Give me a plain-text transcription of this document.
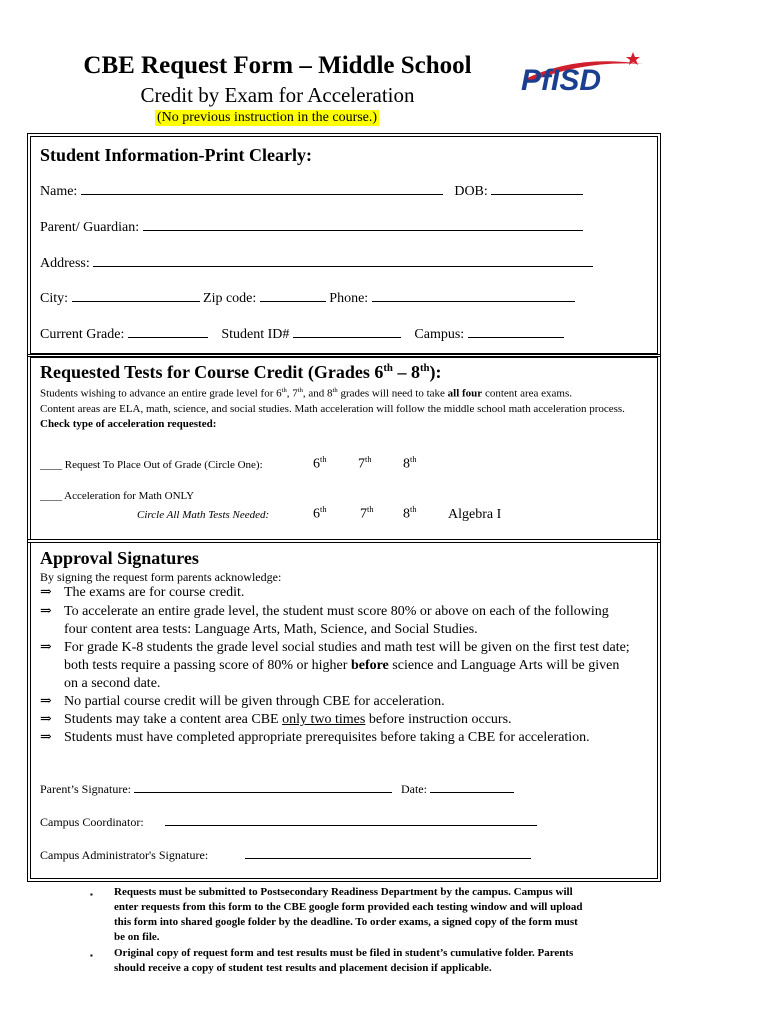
CBE Request Form – Middle School
Credit by Exam for Acceleration
(No previous instruction in the course.)
PfISD
Student Information-Print Clearly:
Name:	DOB:
Parent/ Guardian:
Address:
City:	Zip code:	Phone:
Current Grade:	Student ID#	Campus:
Requested Tests for Course Credit (Grades 6th – 8th):
Students wishing to advance an entire grade level for 6th, 7th, and 8th grades will need to take all four content area exams.
Content areas are ELA, math, science, and social studies. Math acceleration will follow the middle school math acceleration process.
Check type of acceleration requested:
____ Request To Place Out of Grade (Circle One):	6th 7th 8th
____ Acceleration for Math ONLY
Circle All Math Tests Needed:	6th 7th 8th Algebra I
Approval Signatures
By signing the request form parents acknowledge:
⇒ The exams are for course credit.
⇒ To accelerate an entire grade level, the student must score 80% or above on each of the following
four content area tests: Language Arts, Math, Science, and Social Studies.
⇒ For grade K-8 students the grade level social studies and math test will be given on the first test date;
both tests require a passing score of 80% or higher before science and Language Arts will be given
on a second date.
⇒ No partial course credit will be given through CBE for acceleration.
⇒ Students may take a content area CBE only two times before instruction occurs.
⇒ Students must have completed appropriate prerequisites before taking a CBE for acceleration.
Parent’s Signature:	Date:
Campus Coordinator:
Campus Administrator's Signature:
▪ Requests must be submitted to Postsecondary Readiness Department by the campus. Campus will
enter requests from this form to the CBE google form provided each testing window and will upload
this form into shared google folder by the deadline. To order exams, a signed copy of the form must
be on file.
▪ Original copy of request form and test results must be filed in student’s cumulative folder. Parents
should receive a copy of student test results and placement decision if applicable.
